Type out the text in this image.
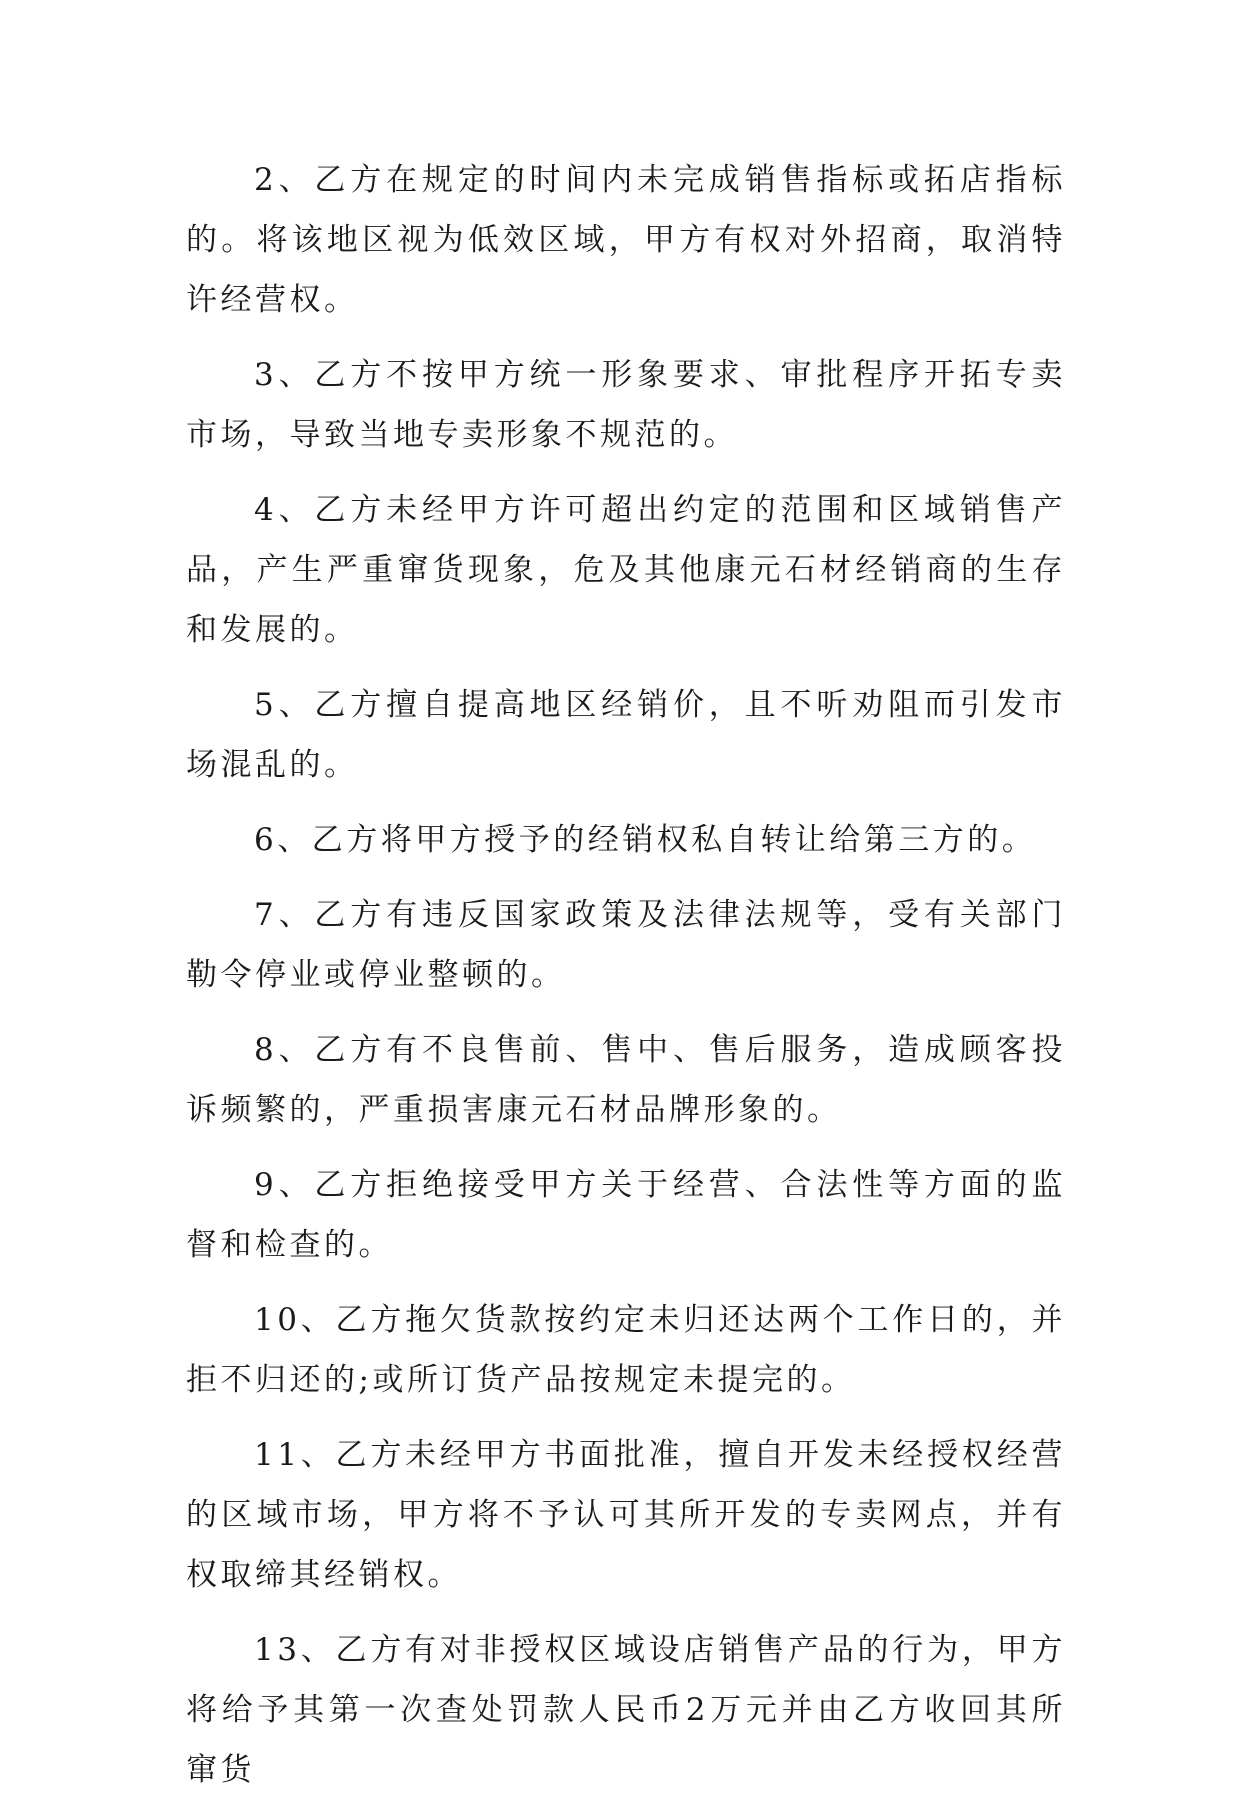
2、乙方在规定的时间内未完成销售指标或拓店指标的。将该地区视为低效区域，甲方有权对外招商，取消特许经营权。

3、乙方不按甲方统一形象要求、审批程序开拓专卖市场，导致当地专卖形象不规范的。

4、乙方未经甲方许可超出约定的范围和区域销售产品，产生严重窜货现象，危及其他康元石材经销商的生存和发展的。

5、乙方擅自提高地区经销价，且不听劝阻而引发市场混乱的。

6、乙方将甲方授予的经销权私自转让给第三方的。

7、乙方有违反国家政策及法律法规等，受有关部门勒令停业或停业整顿的。

8、乙方有不良售前、售中、售后服务，造成顾客投诉频繁的，严重损害康元石材品牌形象的。

9、乙方拒绝接受甲方关于经营、合法性等方面的监督和检查的。

10、乙方拖欠货款按约定未归还达两个工作日的，并拒不归还的;或所订货产品按规定未提完的。

11、乙方未经甲方书面批准，擅自开发未经授权经营的区域市场，甲方将不予认可其所开发的专卖网点，并有权取缔其经销权。

13、乙方有对非授权区域设店销售产品的行为，甲方将给予其第一次查处罚款人民币2万元并由乙方收回其所窜货
